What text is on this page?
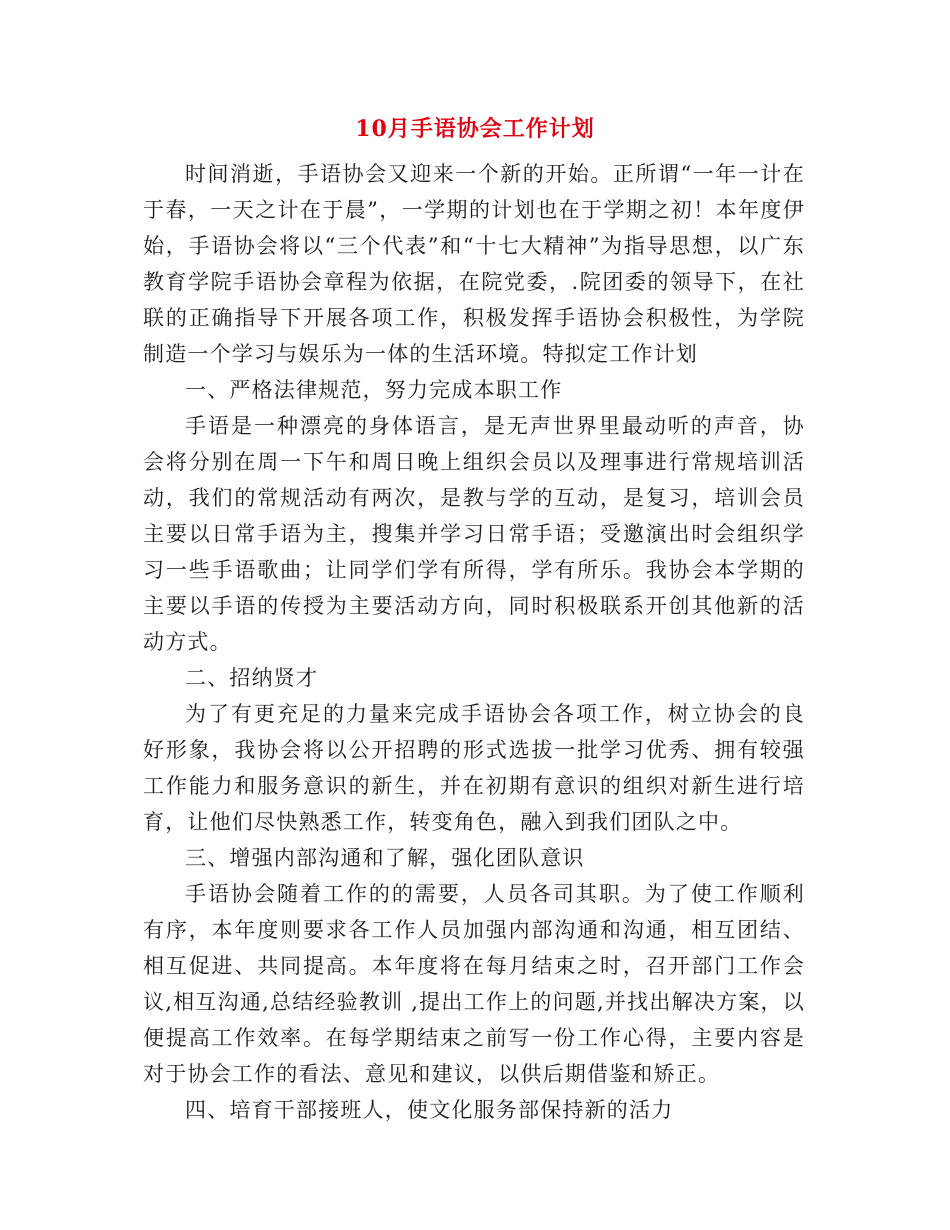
10月手语协会工作计划

时间消逝，手语协会又迎来一个新的开始。正所谓“一年一计在于春，一天之计在于晨”，一学期的计划也在于学期之初！本年度伊始，手语协会将以“三个代表”和“十七大精神”为指导思想，以广东教育学院手语协会章程为依据，在院党委，.院团委的领导下，在社联的正确指导下开展各项工作，积极发挥手语协会积极性，为学院制造一个学习与娱乐为一体的生活环境。特拟定工作计划

一、严格法律规范，努力完成本职工作

手语是一种漂亮的身体语言，是无声世界里最动听的声音，协会将分别在周一下午和周日晚上组织会员以及理事进行常规培训活动，我们的常规活动有两次，是教与学的互动，是复习，培训会员主要以日常手语为主，搜集并学习日常手语；受邀演出时会组织学习一些手语歌曲；让同学们学有所得，学有所乐。我协会本学期的主要以手语的传授为主要活动方向，同时积极联系开创其他新的活动方式。

二、招纳贤才

为了有更充足的力量来完成手语协会各项工作，树立协会的良好形象，我协会将以公开招聘的形式选拔一批学习优秀、拥有较强工作能力和服务意识的新生，并在初期有意识的组织对新生进行培育，让他们尽快熟悉工作，转变角色，融入到我们团队之中。

三、增强内部沟通和了解，强化团队意识

手语协会随着工作的的需要，人员各司其职。为了使工作顺利有序，本年度则要求各工作人员加强内部沟通和沟通，相互团结、相互促进、共同提高。本年度将在每月结束之时，召开部门工作会议,相互沟通,总结经验教训 ,提出工作上的问题,并找出解决方案，以便提高工作效率。在每学期结束之前写一份工作心得，主要内容是对于协会工作的看法、意见和建议，以供后期借鉴和矫正。

四、培育干部接班人，使文化服务部保持新的活力
